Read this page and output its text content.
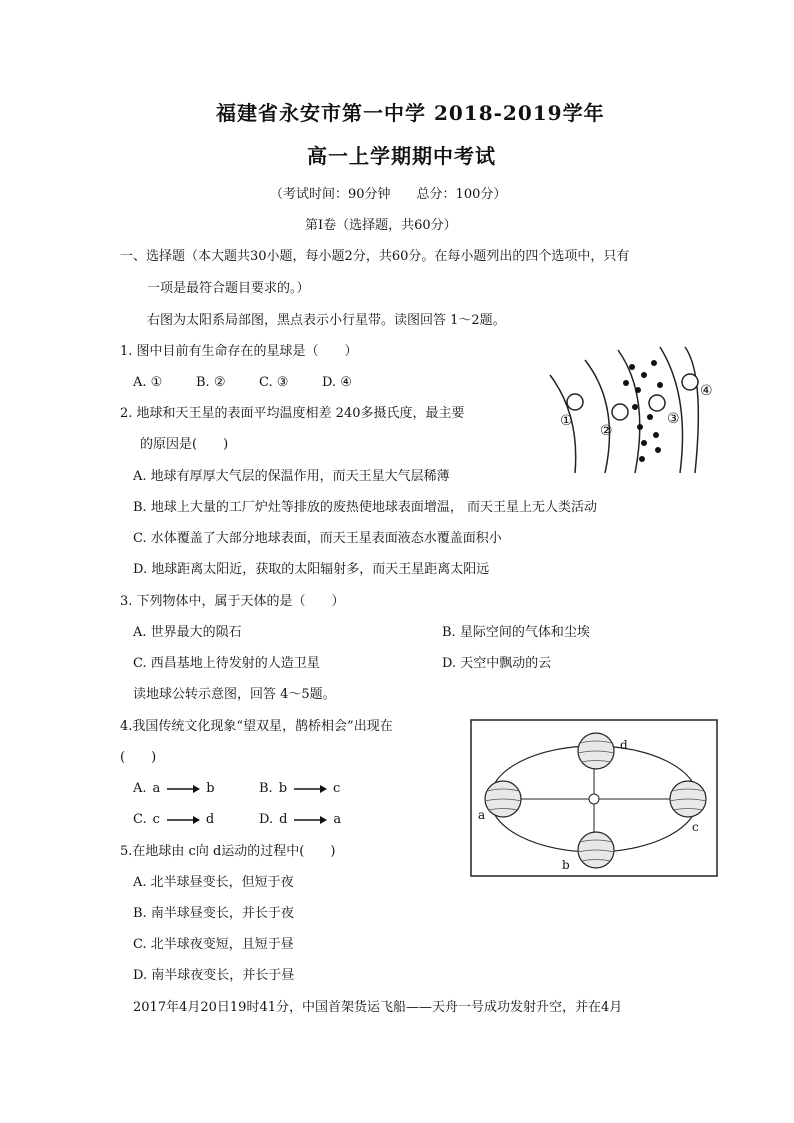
福建省永安市第一中学 2018-2019学年
高一上学期期中考试
（考试时间：90分钟　　总分：100分）
第Ⅰ卷（选择题，共60分）
一、选择题（本大题共30小题，每小题2分，共60分。在每小题列出的四个选项中，只有
一项是最符合题目要求的。）
右图为太阳系局部图，黑点表示小行星带。读图回答 1～2题。
1. 图中目前有生命存在的星球是（　　）
A. ①	B. ②	C. ③	D. ④
2. 地球和天王星的表面平均温度相差 240多摄氏度，最主要
的原因是(　　)
A. 地球有厚厚大气层的保温作用，而天王星大气层稀薄
B. 地球上大量的工厂炉灶等排放的废热使地球表面增温， 而天王星上无人类活动
C. 水体覆盖了大部分地球表面，而天王星表面液态水覆盖面积小
D. 地球距离太阳近，获取的太阳辐射多，而天王星距离太阳远
3. 下列物体中，属于天体的是（　　）
A. 世界最大的陨石	B. 星际空间的气体和尘埃
C. 西昌基地上待发射的人造卫星	D. 天空中飘动的云
读地球公转示意图，回答 4～5题。
4.我国传统文化现象“望双星，鹊桥相会”出现在
(　　)
A. a	b	B. b	c
C. c	d	D. d	a
5.在地球由 c向 d运动的过程中(　　)
A. 北半球昼变长，但短于夜
B. 南半球昼变长，并长于夜
C. 北半球夜变短，且短于昼
D. 南半球夜变长，并长于昼
2017年4月20日19时41分，中国首架货运飞船——天舟一号成功发射升空，并在4月
①
②
③
④
a
b
c
d
